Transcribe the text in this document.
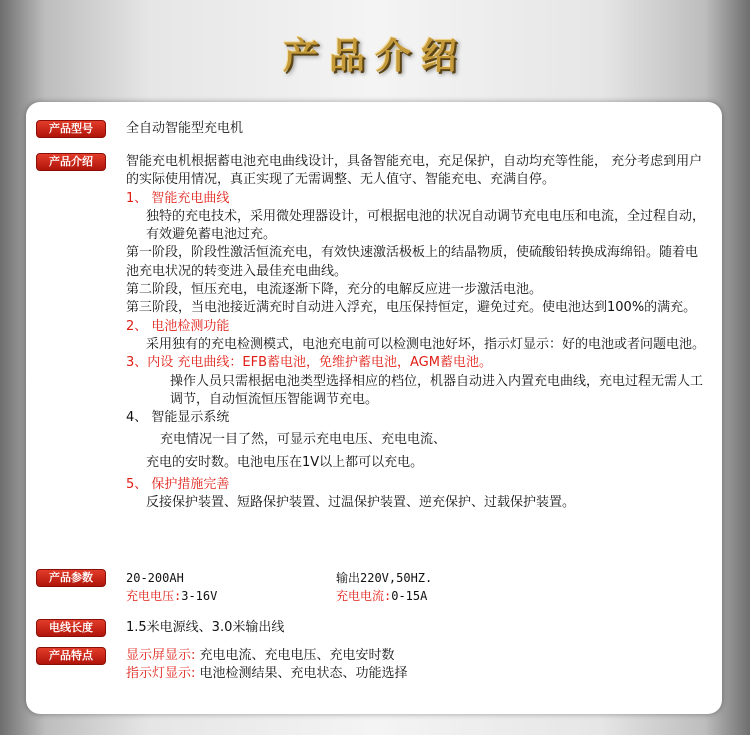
产品介绍
产品型号	全自动智能型充电机
产品介绍	智能充电机根据蓄电池充电曲线设计，具备智能充电，充足保护，自动均充等性能， 充分考虑到用户的实际使用情况，真正实现了无需调整、无人值守、智能充电、充满自停。

1、 智能充电曲线

独特的充电技术，采用微处理器设计，可根据电池的状况自动调节充电电压和电流，全过程自动，有效避免蓄电池过充。

第一阶段，阶段性激活恒流充电，有效快速激活极板上的结晶物质，使硫酸铅转换成海绵铅。随着电池充电状况的转变进入最佳充电曲线。

第二阶段，恒压充电，电流逐渐下降，充分的电解反应进一步激活电池。

第三阶段，当电池接近满充时自动进入浮充，电压保持恒定，避免过充。使电池达到100%的满充。

2、 电池检测功能

采用独有的充电检测模式，电池充电前可以检测电池好坏，指示灯显示：好的电池或者问题电池。

3、内设 充电曲线：EFB蓄电池，免维护蓄电池，AGM蓄电池。

操作人员只需根据电池类型选择相应的档位，机器自动进入内置充电曲线，充电过程无需人工调节，自动恒流恒压智能调节充电。

4、 智能显示系统

充电情况一目了然，可显示充电电压、充电电流、

充电的安时数。电池电压在1V以上都可以充电。

5、 保护措施完善

反接保护装置、短路保护装置、过温保护装置、逆充保护、过载保护装置。

产品参数	20-200AH	输出220V,50HZ.
充电电压:3-16V	充电电流:0-15A
电线长度	1.5米电源线、3.0米输出线
产品特点	显示屏显示: 充电电流、充电电压、充电安时数

指示灯显示: 电池检测结果、充电状态、功能选择
